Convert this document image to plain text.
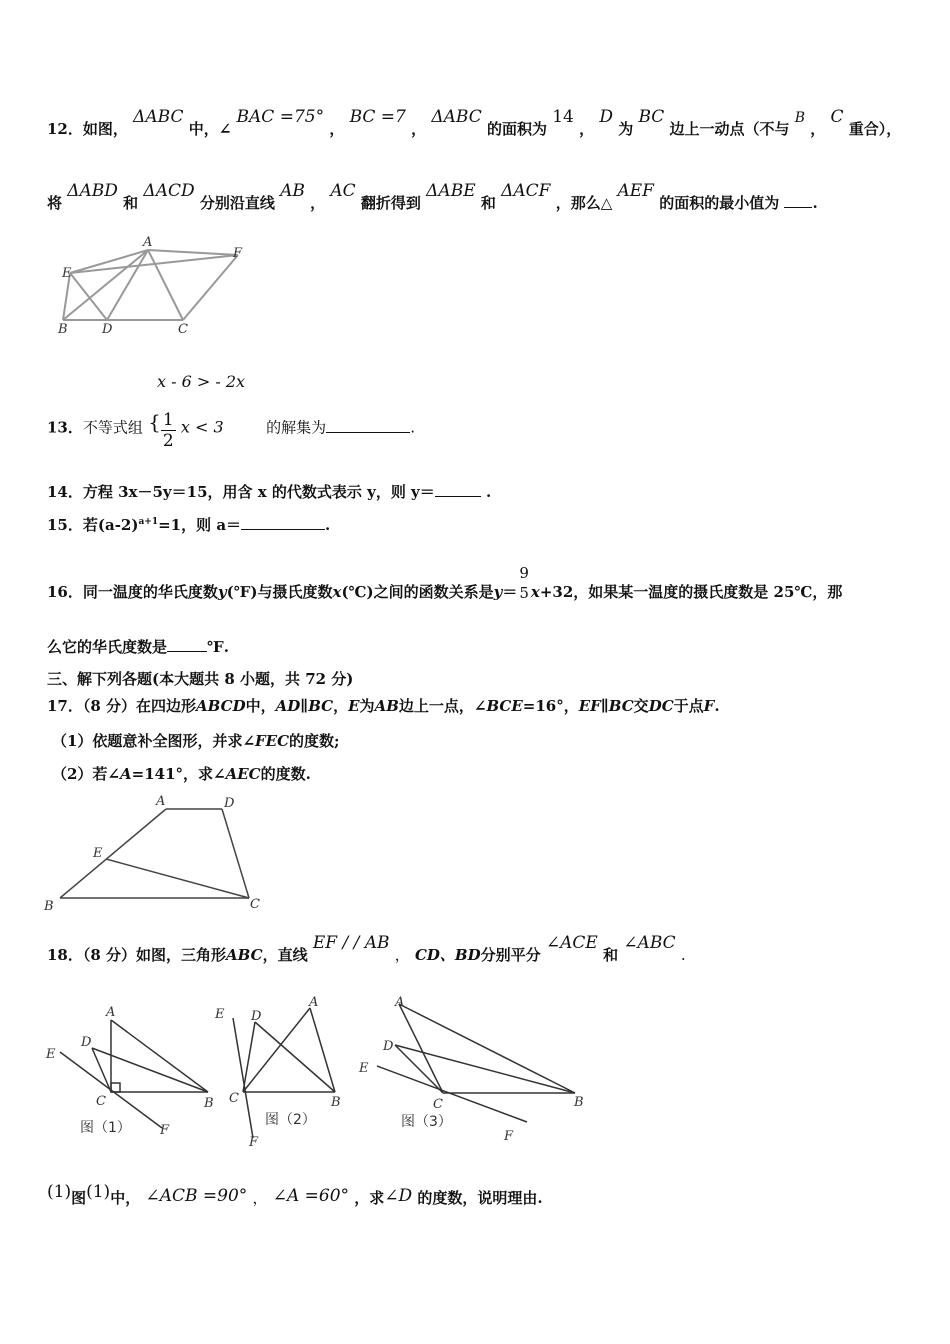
12．如图， ΔABC 中，∠ BAC =75° ， BC =7 ， ΔABC 的面积为 14 ， D 为 BC 边上一动点（不与 B ， C 重合），
将 ΔABD 和 ΔACD 分别沿直线 AB ， AC 翻折得到 ΔABE 和 ΔACF ，那么△ AEF 的面积的最小值为 .
A
E
F
B	D	C
x - 6 > - 2x
13．不等式组 { $\frac{1}{2}$ x < 3	的解集为	.
14．方程 3x－5y＝15，用含 x 的代数式表示 y，则 y＝	.
15．若$(a-2)^{a+1}=1$，则 a＝	.
16．同一温度的华氏度数y(℉)与摄氏度数x(℃)之间的函数关系是y＝
9
5 x+32，如果某一温度的摄氏度数是 25℃，那
么它的华氏度数是	℉.
三、解下列各题(本大题共 8 小题，共 72 分)
17．（8 分）在四边形ABCD中，AD∥BC，E为AB边上一点，∠BCE=16°，EF∥BC交DC于点F.
（1）依题意补全图形，并求∠FEC的度数;
（2）若∠A=141°，求∠AEC的度数.
A	D
E
B	C
18．（8 分）如图，三角形ABC，直线 EF / / AB ， CD、BD分别平分 ∠ACE 和 ∠ABC .
A
D
E
C	B
F
图（1）
A
D
E
C	B
F
图（2）
A
D
E
C	B
F
图（3）
(1)图(1)中， ∠ACB =90° ， ∠A =60° ，求∠D 的度数，说明理由.
